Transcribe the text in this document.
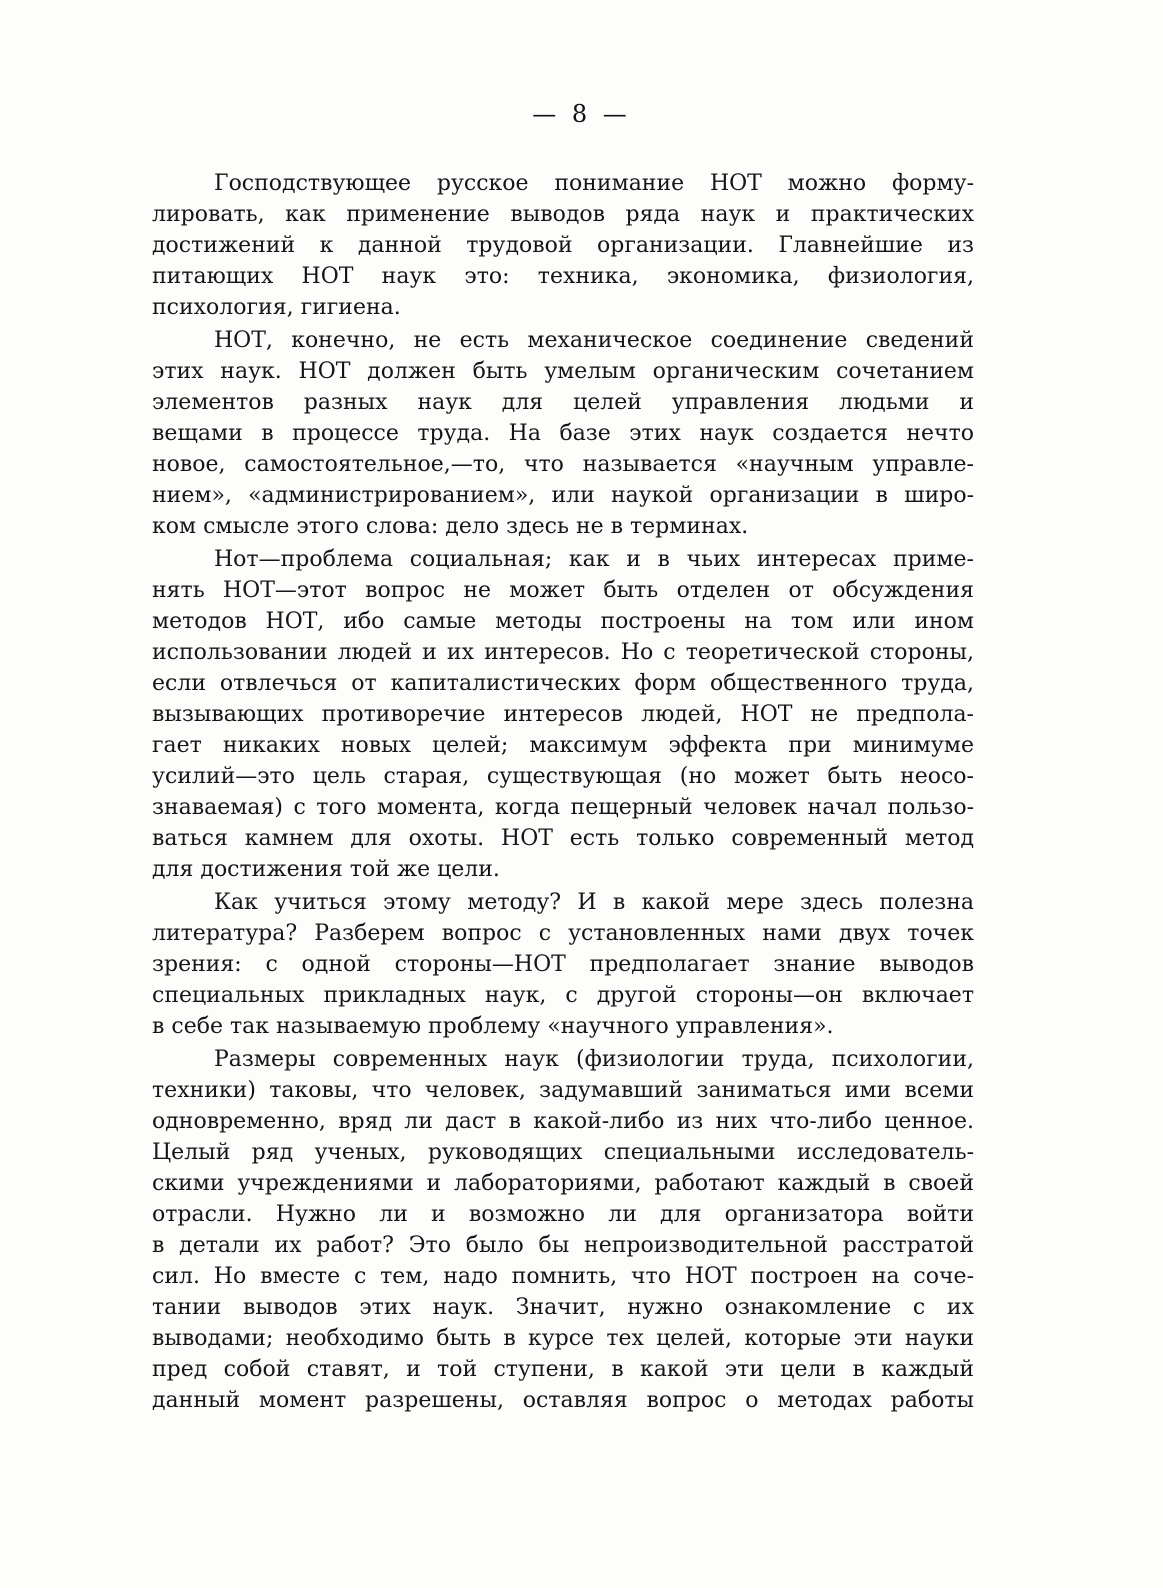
— 8 —
Господствующее русское понимание НОТ можно форму-
лировать, как применение выводов ряда наук и практических
достижений к данной трудовой организации. Главнейшие из
питающих НОТ наук это: техника, экономика, физиология,
психология, гигиена.
НОТ, конечно, не есть механическое соединение сведений
этих наук. НОТ должен быть умелым органическим сочетанием
элементов разных наук для целей управления людьми и
вещами в процессе труда. На базе этих наук создается нечто
новое, самостоятельное,—то, что называется «научным управле-
нием», «администрированием», или наукой организации в широ-
ком смысле этого слова: дело здесь не в терминах.
Нот—проблема социальная; как и в чьих интересах приме-
нять НОТ—этот вопрос не может быть отделен от обсуждения
методов НОТ, ибо самые методы построены на том или ином
использовании людей и их интересов. Но с теоретической стороны,
если отвлечься от капиталистических форм общественного труда,
вызывающих противоречие интересов людей, НОТ не предпола-
гает никаких новых целей; максимум эффекта при минимуме
усилий—это цель старая, существующая (но может быть неосо-
знаваемая) с того момента, когда пещерный человек начал пользо-
ваться камнем для охоты. НОТ есть только современный метод
для достижения той же цели.
Как учиться этому методу? И в какой мере здесь полезна
литература? Разберем вопрос с установленных нами двух точек
зрения: с одной стороны—НОТ предполагает знание выводов
специальных прикладных наук, с другой стороны—он включает
в себе так называемую проблему «научного управления».
Размеры современных наук (физиологии труда, психологии,
техники) таковы, что человек, задумавший заниматься ими всеми
одновременно, вряд ли даст в какой-либо из них что-либо ценное.
Целый ряд ученых, руководящих специальными исследователь-
скими учреждениями и лабораториями, работают каждый в своей
отрасли. Нужно ли и возможно ли для организатора войти
в детали их работ? Это было бы непроизводительной расстратой
сил. Но вместе с тем, надо помнить, что НОТ построен на соче-
тании выводов этих наук. Значит, нужно ознакомление с их
выводами; необходимо быть в курсе тех целей, которые эти науки
пред собой ставят, и той ступени, в какой эти цели в каждый
данный момент разрешены, оставляя вопрос о методах работы
